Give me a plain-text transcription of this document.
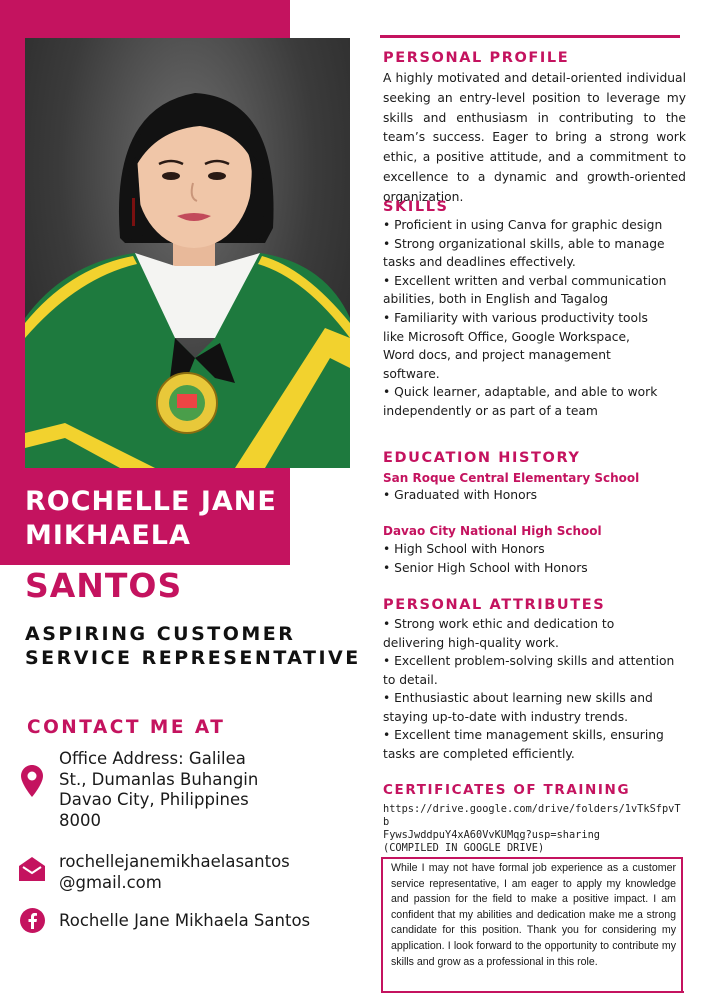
ROCHELLE JANE
MIKHAELA
SANTOS
ASPIRING CUSTOMER
SERVICE REPRESENTATIVE
CONTACT ME AT
Office Address: Galilea
St., Dumanlas Buhangin
Davao City, Philippines
8000
rochellejanemikhaelasantos
@gmail.com
Rochelle Jane Mikhaela Santos
PERSONAL PROFILE
A highly motivated and detail-oriented individual seeking an entry-level position to leverage my skills and enthusiasm in contributing to the team’s success. Eager to bring a strong work ethic, a positive attitude, and a commitment to excellence to a dynamic and growth-oriented organization.
SKILLS
• Proficient in using Canva for graphic design
• Strong organizational skills, able to manage
tasks and deadlines effectively.
• Excellent written and verbal communication
abilities, both in English and Tagalog
• Familiarity with various productivity tools
like Microsoft Office, Google Workspace,
Word docs, and project management
software.
• Quick learner, adaptable, and able to work
independently or as part of a team
EDUCATION HISTORY
San Roque Central Elementary School
• Graduated with Honors
Davao City National High School
• High School with Honors
• Senior High School with Honors
PERSONAL ATTRIBUTES
• Strong work ethic and dedication to
delivering high-quality work.
• Excellent problem-solving skills and attention
to detail.
• Enthusiastic about learning new skills and
staying up-to-date with industry trends.
• Excellent time management skills, ensuring
tasks are completed efficiently.
CERTIFICATES OF TRAINING
https://drive.google.com/drive/folders/1vTkSfpvTb
FywsJwddpuY4xA60VvKUMqg?usp=sharing
(COMPILED IN GOOGLE DRIVE)
While I may not have formal job experience as a customer service representative, I am eager to apply my knowledge and passion for the field to make a positive impact. I am confident that my abilities and dedication make me a strong candidate for this position. Thank you for considering my application. I look forward to the opportunity to contribute my skills and grow as a professional in this role.
